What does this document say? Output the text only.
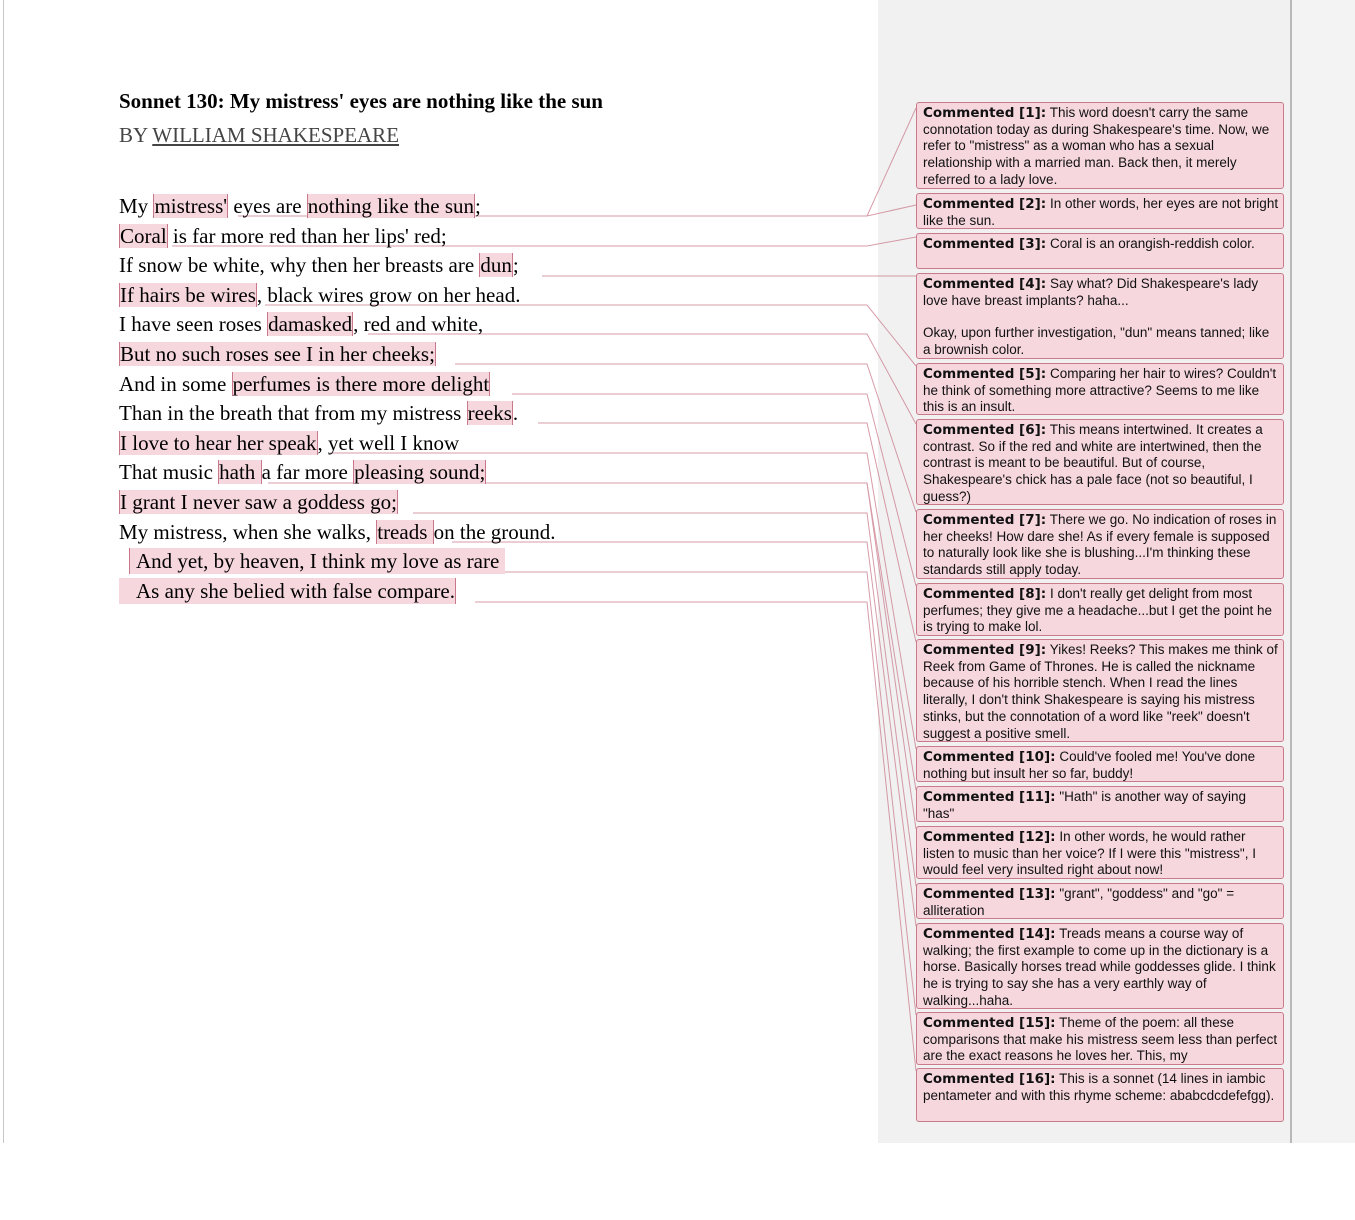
Sonnet 130: My mistress' eyes are nothing like the sun
BY WILLIAM SHAKESPEARE
My mistress' eyes are nothing like the sun;
Coral is far more red than her lips' red;
If snow be white, why then her breasts are dun;
If hairs be wires, black wires grow on her head.
I have seen roses damasked, red and white,
But no such roses see I in her cheeks;
And in some perfumes is there more delight
Than in the breath that from my mistress reeks.
I love to hear her speak, yet well I know
That music hath a far more pleasing sound;
I grant I never saw a goddess go;
My mistress, when she walks, treads on the ground.
And yet, by heaven, I think my love as rare
As any she belied with false compare.
Commented [1]: This word doesn't carry the same connotation today as during Shakespeare's time. Now, we refer to "mistress" as a woman who has a sexual relationship with a married man. Back then, it merely referred to a lady love.
Commented [2]: In other words, her eyes are not bright like the sun.
Commented [3]: Coral is an orangish-reddish color.
Commented [4]: Say what? Did Shakespeare's lady love have breast implants? haha...
Okay, upon further investigation, "dun" means tanned; like a brownish color.
Commented [5]: Comparing her hair to wires? Couldn't he think of something more attractive? Seems to me like this is an insult.
Commented [6]: This means intertwined. It creates a contrast. So if the red and white are intertwined, then the contrast is meant to be beautiful. But of course, Shakespeare's chick has a pale face (not so beautiful, I guess?)
Commented [7]: There we go. No indication of roses in her cheeks! How dare she! As if every female is supposed to naturally look like she is blushing...I'm thinking these standards still apply today.
Commented [8]: I don't really get delight from most perfumes; they give me a headache...but I get the point he is trying to make lol.
Commented [9]: Yikes! Reeks? This makes me think of Reek from Game of Thrones. He is called the nickname because of his horrible stench. When I read the lines literally, I don't think Shakespeare is saying his mistress stinks, but the connotation of a word like "reek" doesn't suggest a positive smell.
Commented [10]: Could've fooled me! You've done nothing but insult her so far, buddy!
Commented [11]: "Hath" is another way of saying "has"
Commented [12]: In other words, he would rather listen to music than her voice? If I were this "mistress", I would feel very insulted right about now!
Commented [13]: "grant", "goddess" and "go" = alliteration
Commented [14]: Treads means a course way of walking; the first example to come up in the dictionary is a horse. Basically horses tread while goddesses glide. I think he is trying to say she has a very earthly way of walking...haha.
Commented [15]: Theme of the poem: all these comparisons that make his mistress seem less than perfect are the exact reasons he loves her. This, my
Commented [16]: This is a sonnet (14 lines in iambic pentameter and with this rhyme scheme: ababcdcdefefgg).
